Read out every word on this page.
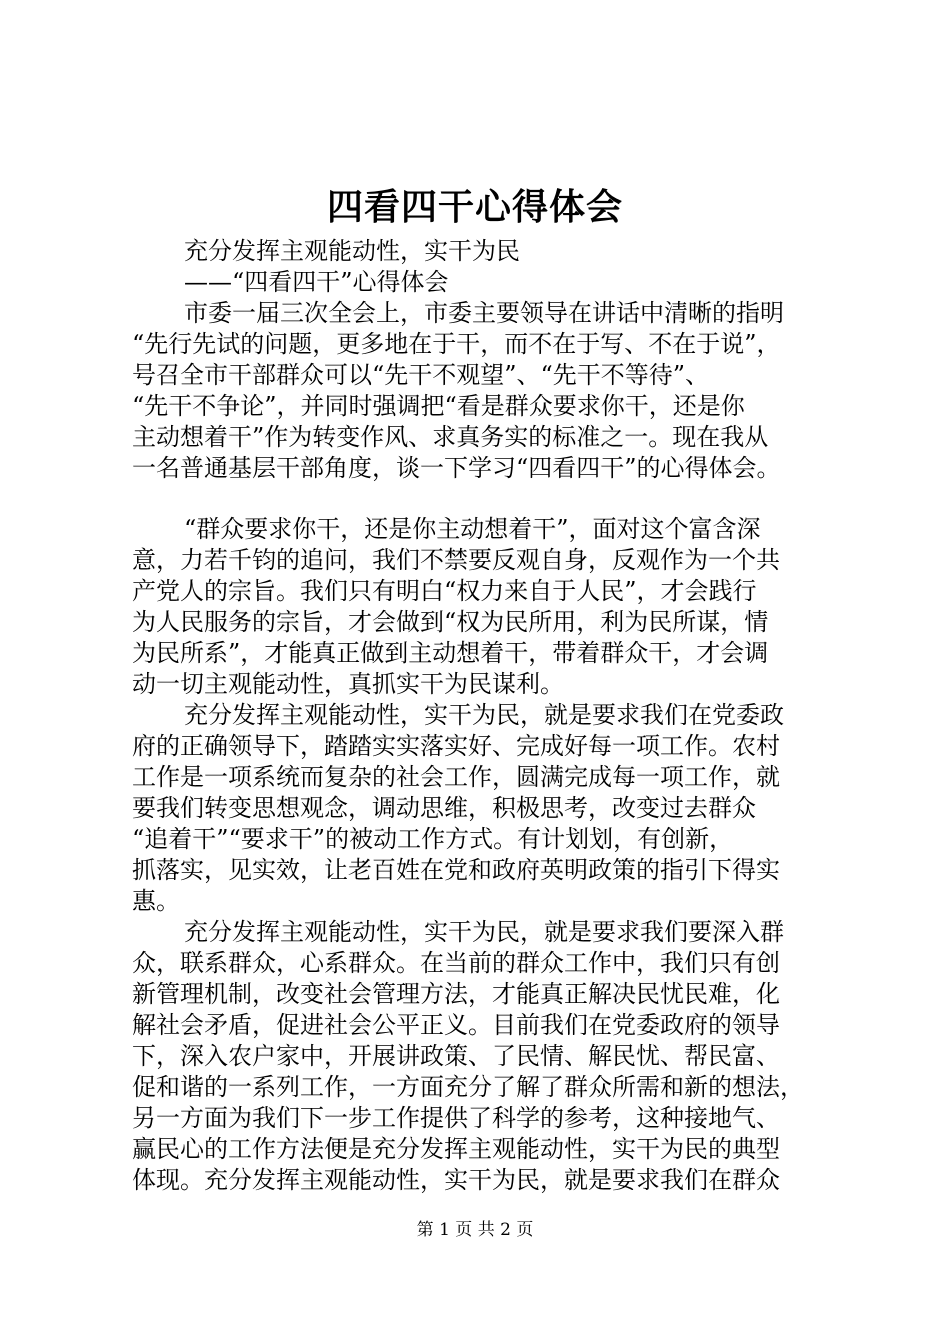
四看四干心得体会
充分发挥主观能动性，实干为民
——“四看四干”心得体会
市委一届三次全会上，市委主要领导在讲话中清晰的指明
“先行先试的问题，更多地在于干，而不在于写、不在于说”，
号召全市干部群众可以“先干不观望”、“先干不等待”、
“先干不争论”，并同时强调把“看是群众要求你干，还是你
主动想着干”作为转变作风、求真务实的标准之一。现在我从
一名普通基层干部角度，谈一下学习“四看四干”的心得体会。
“群众要求你干，还是你主动想着干”，面对这个富含深
意，力若千钧的追问，我们不禁要反观自身，反观作为一个共
产党人的宗旨。我们只有明白“权力来自于人民”，才会践行
为人民服务的宗旨，才会做到“权为民所用，利为民所谋，情
为民所系”，才能真正做到主动想着干，带着群众干，才会调
动一切主观能动性，真抓实干为民谋利。
充分发挥主观能动性，实干为民，就是要求我们在党委政
府的正确领导下，踏踏实实落实好、完成好每一项工作。农村
工作是一项系统而复杂的社会工作，圆满完成每一项工作，就
要我们转变思想观念，调动思维，积极思考，改变过去群众
“追着干”“要求干”的被动工作方式。有计划划，有创新，
抓落实，见实效，让老百姓在党和政府英明政策的指引下得实
惠。
充分发挥主观能动性，实干为民，就是要求我们要深入群
众，联系群众，心系群众。在当前的群众工作中，我们只有创
新管理机制，改变社会管理方法，才能真正解决民忧民难，化
解社会矛盾，促进社会公平正义。目前我们在党委政府的领导
下，深入农户家中，开展讲政策、了民情、解民忧、帮民富、
促和谐的一系列工作，一方面充分了解了群众所需和新的想法，
另一方面为我们下一步工作提供了科学的参考，这种接地气、
赢民心的工作方法便是充分发挥主观能动性，实干为民的典型
体现。充分发挥主观能动性，实干为民，就是要求我们在群众
第 1 页 共 2 页
